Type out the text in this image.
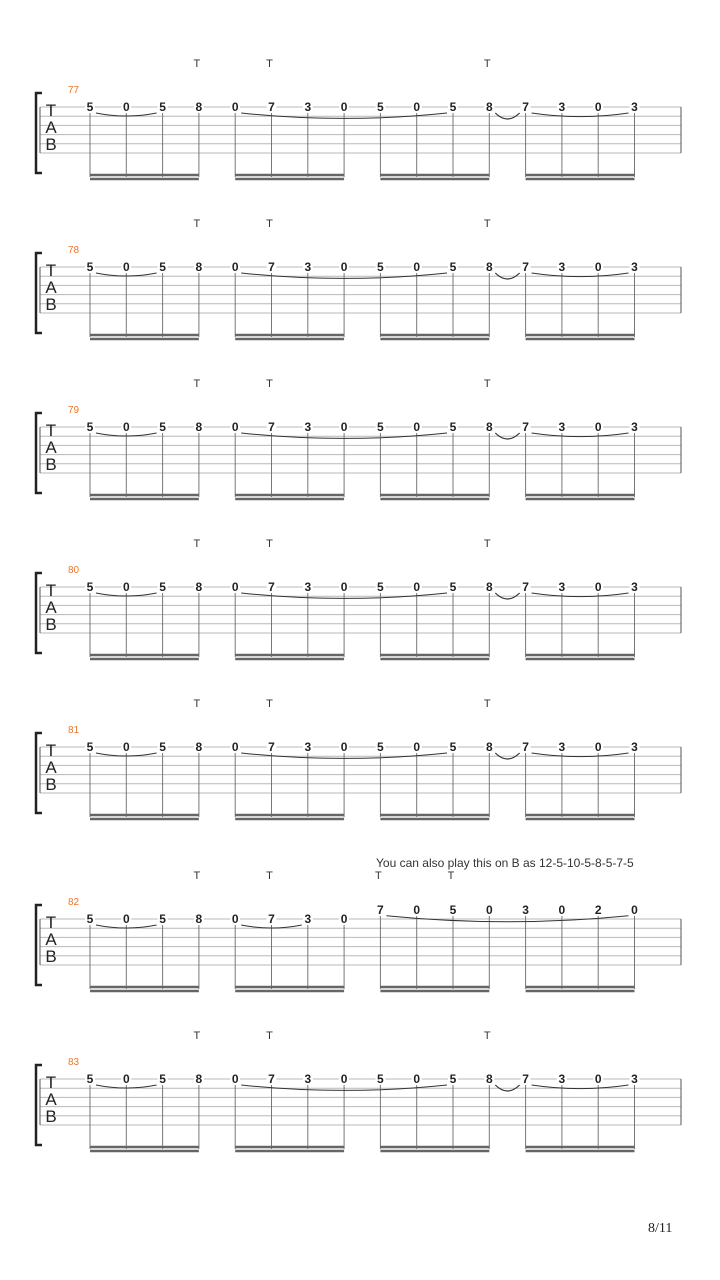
T
A
B
77
T	T	T
5 0 5 8 0 7 3 0 5 0 5 8 7 3 0 3
T
A
B
78
T	T	T
5 0 5 8 0 7 3 0 5 0 5 8 7 3 0 3
T
A
B
79
T	T	T
5 0 5 8 0 7 3 0 5 0 5 8 7 3 0 3
T
A
B
80
T	T	T
5 0 5 8 0 7 3 0 5 0 5 8 7 3 0 3
T
A
B
81
T	T	T
5 0 5 8 0 7 3 0 5 0 5 8 7 3 0 3
T
A
B
82
You can also play this on B as 12-5-10-5-8-5-7-5
T	T	T	T
5 0 5 8 0 7 3 0
7 0 5 0 3 0 2 0
T
A
B
83
T	T	T
5 0 5 8 0 7 3 0 5 0 5 8 7 3 0 3
8/11
